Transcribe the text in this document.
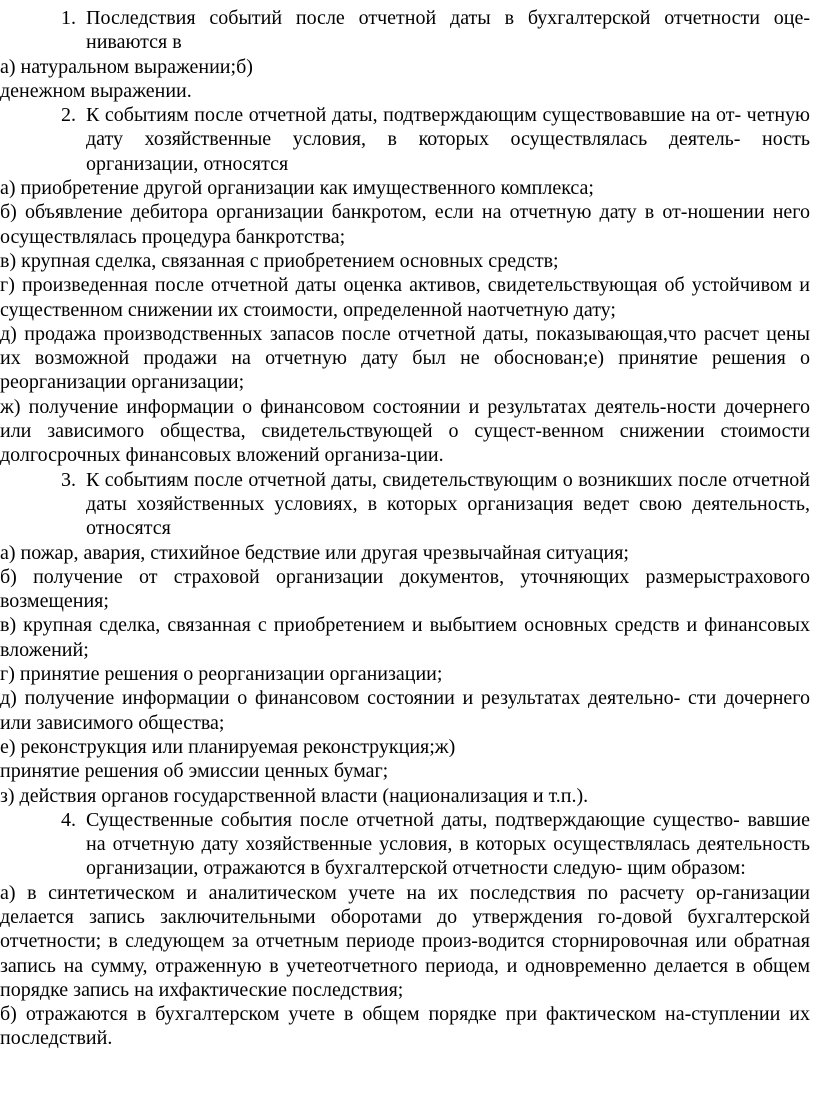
1. Последствия событий после отчетной даты в бухгалтерской отчетности оце- ниваются в

а) натуральном выражении;б)

денежном выражении.

2. К событиям после отчетной даты, подтверждающим существовавшие на от- четную дату хозяйственные условия, в которых осуществлялась деятель- ность организации, относятся

а) приобретение другой организации как имущественного комплекса;

б) объявление дебитора организации банкротом, если на отчетную дату в от-ношении него осуществлялась процедура банкротства;

в) крупная сделка, связанная с приобретением основных средств;

г) произведенная после отчетной даты оценка активов, свидетельствующая об устойчивом и существенном снижении их стоимости, определенной наотчетную дату;

д) продажа производственных запасов после отчетной даты, показывающая,что расчет цены их возможной продажи на отчетную дату был не обоснован;е) принятие решения о реорганизации организации;

ж) получение информации о финансовом состоянии и результатах деятель-ности дочернего или зависимого общества, свидетельствующей о сущест-венном снижении стоимости долгосрочных финансовых вложений организа-ции.

3. К событиям после отчетной даты, свидетельствующим о возникших после отчетной даты хозяйственных условиях, в которых организация ведет свою деятельность, относятся

а) пожар, авария, стихийное бедствие или другая чрезвычайная ситуация;

б) получение от страховой организации документов, уточняющих размерыстрахового возмещения;

в) крупная сделка, связанная с приобретением и выбытием основных средств и финансовых вложений;

г) принятие решения о реорганизации организации;

д) получение информации о финансовом состоянии и результатах деятельно- сти дочернего или зависимого общества;

е) реконструкция или планируемая реконструкция;ж)

принятие решения об эмиссии ценных бумаг;

з) действия органов государственной власти (национализация и т.п.).

4. Существенные события после отчетной даты, подтверждающие существо- вавшие на отчетную дату хозяйственные условия, в которых осуществлялась деятельность организации, отражаются в бухгалтерской отчетности следую- щим образом:

а) в синтетическом и аналитическом учете на их последствия по расчету ор-ганизации делается запись заключительными оборотами до утверждения го-довой бухгалтерской отчетности; в следующем за отчетным периоде произ-водится сторнировочная или обратная запись на сумму, отраженную в учетеотчетного периода, и одновременно делается в общем порядке запись на ихфактические последствия;

б) отражаются в бухгалтерском учете в общем порядке при фактическом на-ступлении их последствий.
